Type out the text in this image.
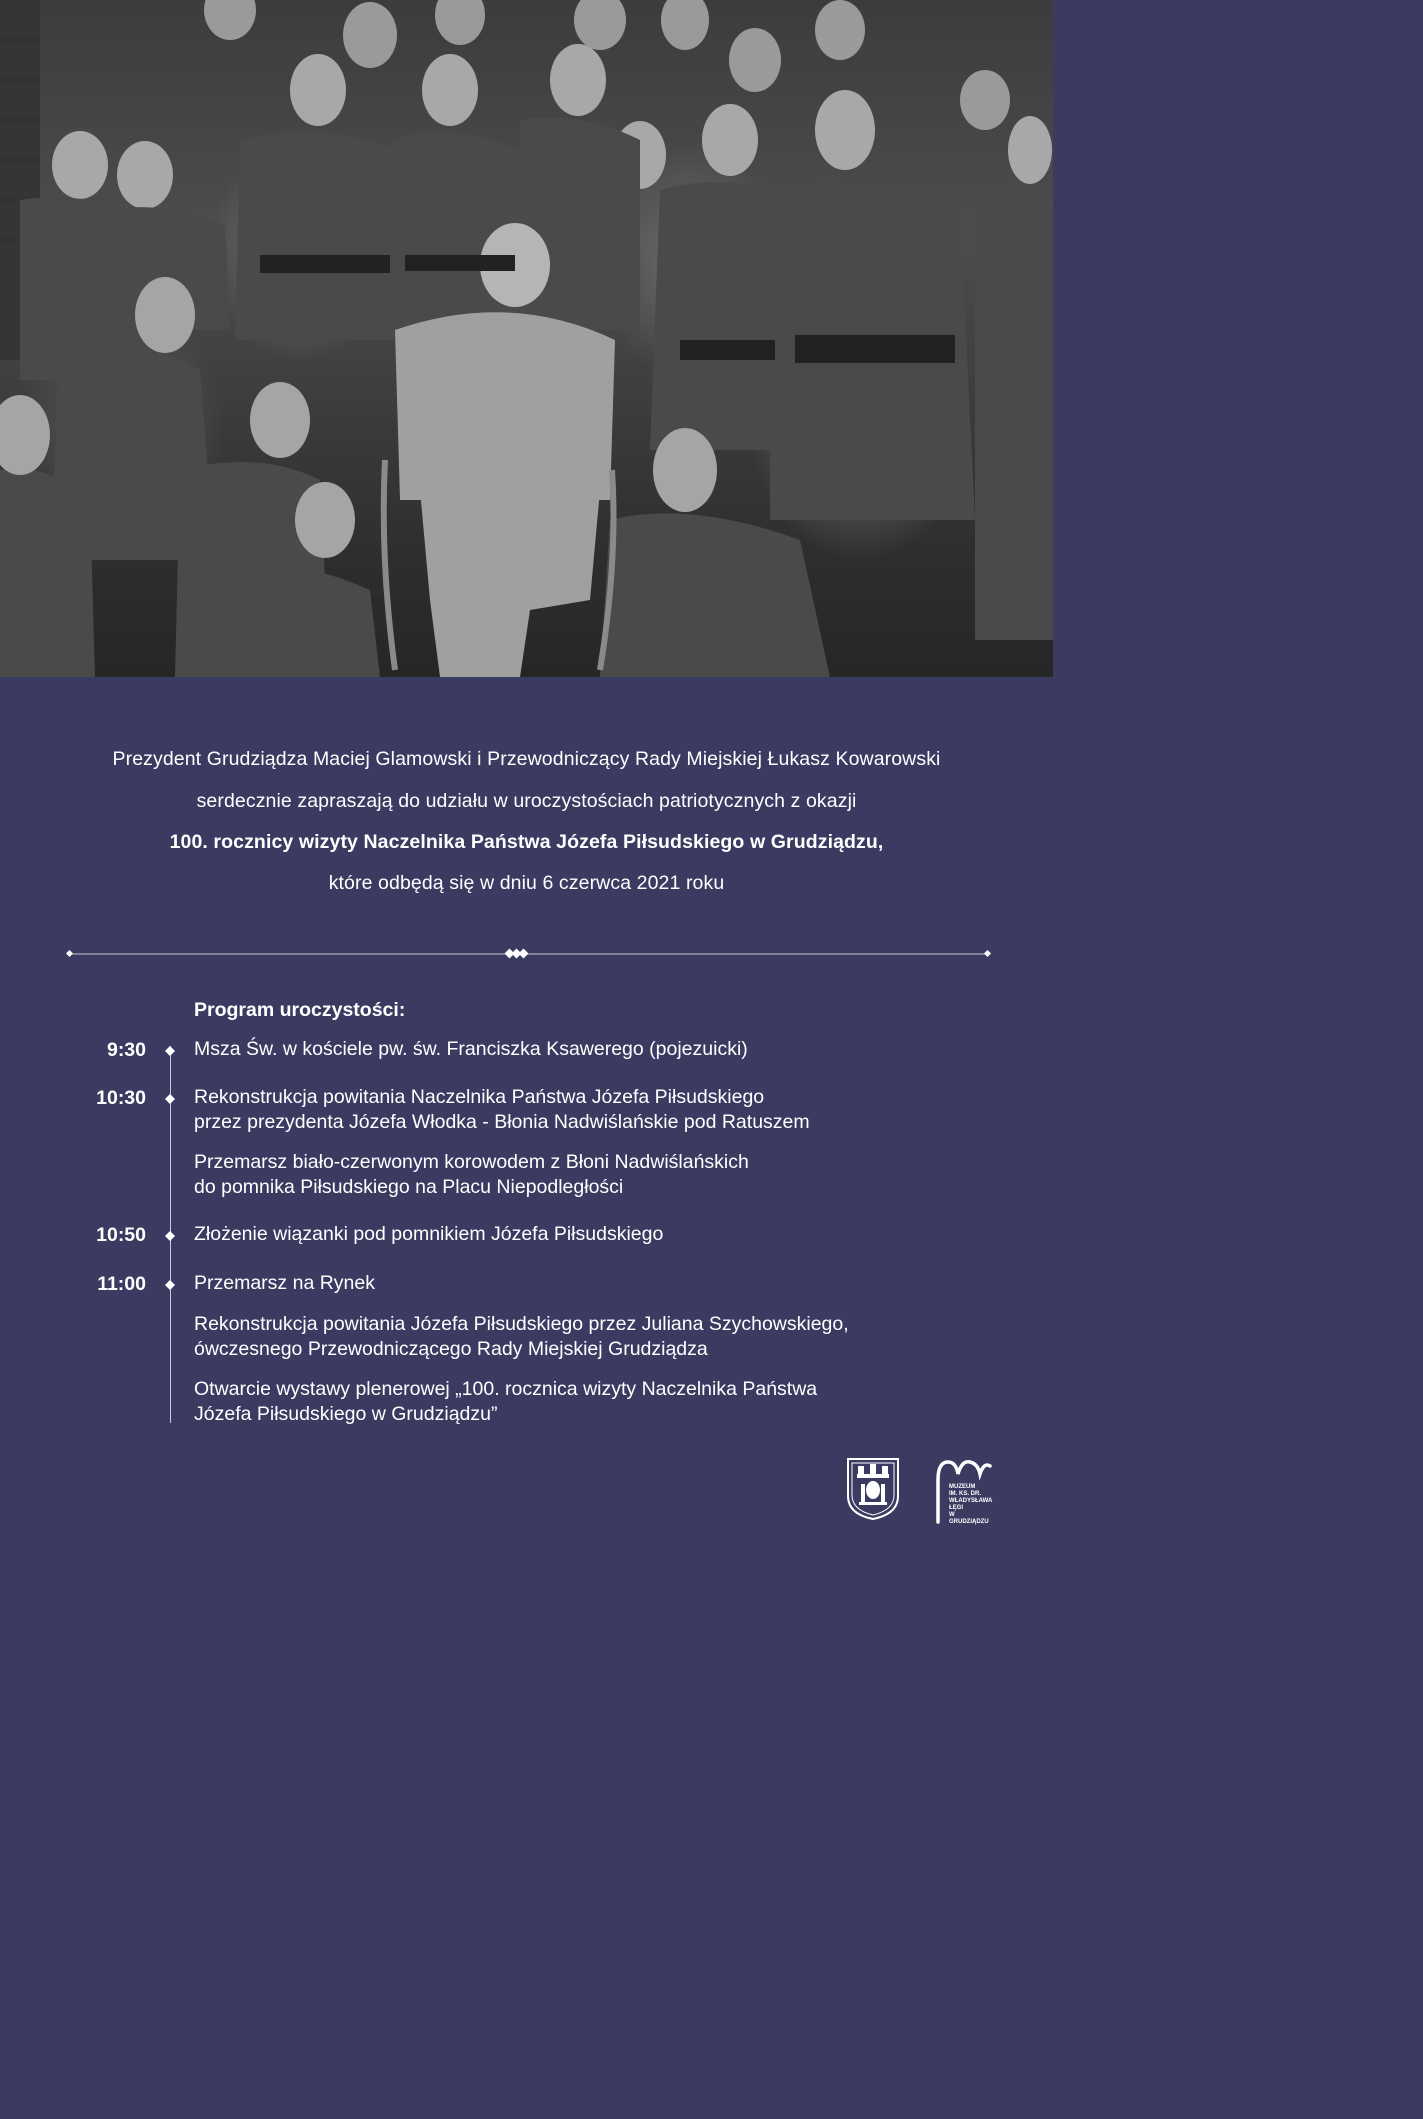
Prezydent Grudziądza Maciej Glamowski i Przewodniczący Rady Miejskiej Łukasz Kowarowski
serdecznie zapraszają do udziału w uroczystościach patriotycznych z okazji
100. rocznicy wizyty Naczelnika Państwa Józefa Piłsudskiego w Grudziądzu,
które odbędą się w dniu 6 czerwca 2021 roku
Program uroczystości:
9:30 Msza Św. w kościele pw. św. Franciszka Ksawerego (pojezuicki)
10:30 Rekonstrukcja powitania Naczelnika Państwa Józefa Piłsudskiego
przez prezydenta Józefa Włodka - Błonia Nadwiślańskie pod Ratuszem
Przemarsz biało-czerwonym korowodem z Błoni Nadwiślańskich
do pomnika Piłsudskiego na Placu Niepodległości
10:50 Złożenie wiązanki pod pomnikiem Józefa Piłsudskiego
11:00 Przemarsz na Rynek
Rekonstrukcja powitania Józefa Piłsudskiego przez Juliana Szychowskiego,
ówczesnego Przewodniczącego Rady Miejskiej Grudziądza
Otwarcie wystawy plenerowej „100. rocznica wizyty Naczelnika Państwa
Józefa Piłsudskiego w Grudziądzu”
MUZEUM
IM. KS. DR.
WŁADYSŁAWA
ŁĘGI
W GRUDZIĄDZU
